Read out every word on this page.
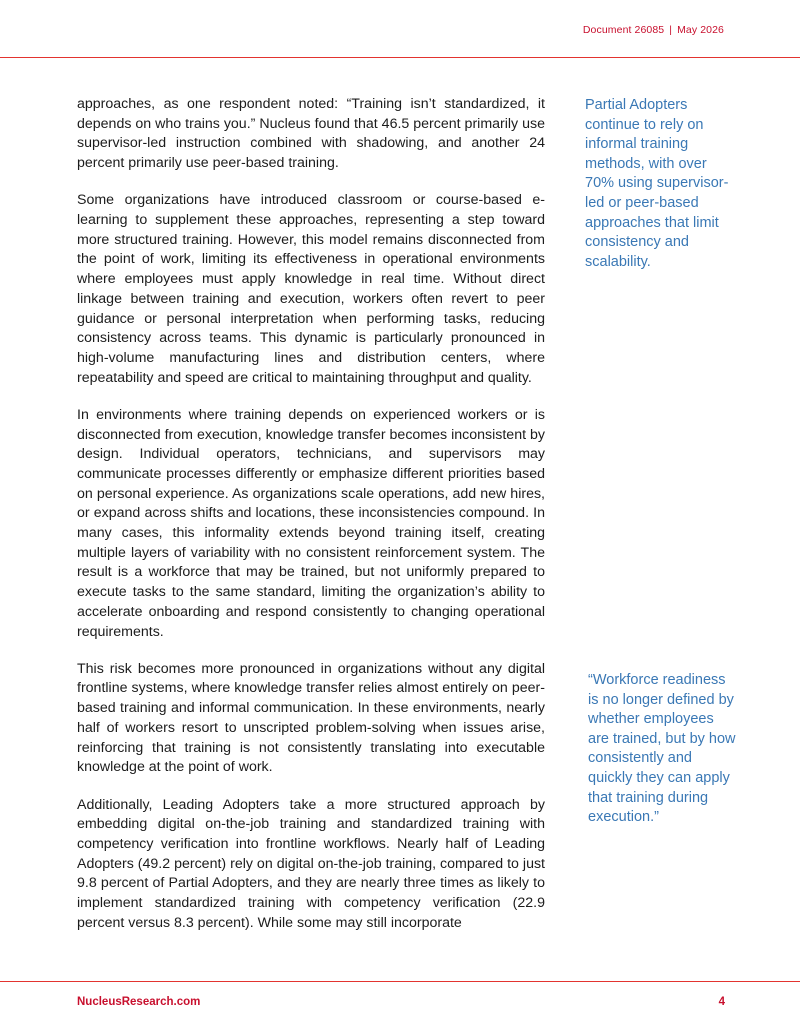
Document 26085 | May 2026

approaches, as one respondent noted: “Training isn’t standardized, it depends on who trains you.” Nucleus found that 46.5 percent primarily use supervisor-led instruction combined with shadowing, and another 24 percent primarily use peer-based training.

Some organizations have introduced classroom or course-based e-learning to supplement these approaches, representing a step toward more structured training. However, this model remains disconnected from the point of work, limiting its effectiveness in operational environments where employees must apply knowledge in real time. Without direct linkage between training and execution, workers often revert to peer guidance or personal interpretation when performing tasks, reducing consistency across teams. This dynamic is particularly pronounced in high-volume manufacturing lines and distribution centers, where repeatability and speed are critical to maintaining throughput and quality.

In environments where training depends on experienced workers or is disconnected from execution, knowledge transfer becomes inconsistent by design. Individual operators, technicians, and supervisors may communicate processes differently or emphasize different priorities based on personal experience. As organizations scale operations, add new hires, or expand across shifts and locations, these inconsistencies compound. In many cases, this informality extends beyond training itself, creating multiple layers of variability with no consistent reinforcement system. The result is a workforce that may be trained, but not uniformly prepared to execute tasks to the same standard, limiting the organization’s ability to accelerate onboarding and respond consistently to changing operational requirements.

This risk becomes more pronounced in organizations without any digital frontline systems, where knowledge transfer relies almost entirely on peer-based training and informal communication. In these environments, nearly half of workers resort to unscripted problem-solving when issues arise, reinforcing that training is not consistently translating into executable knowledge at the point of work.

Additionally, Leading Adopters take a more structured approach by embedding digital on-the-job training and standardized training with competency verification into frontline workflows. Nearly half of Leading Adopters (49.2 percent) rely on digital on-the-job training, compared to just 9.8 percent of Partial Adopters, and they are nearly three times as likely to implement standardized training with competency verification (22.9 percent versus 8.3 percent). While some may still incorporate

Partial Adopters continue to rely on informal training methods, with over 70% using supervisor-led or peer-based approaches that limit consistency and scalability.

“Workforce readiness is no longer defined by whether employees are trained, but by how consistently and quickly they can apply that training during execution.”

NucleusResearch.com	4
